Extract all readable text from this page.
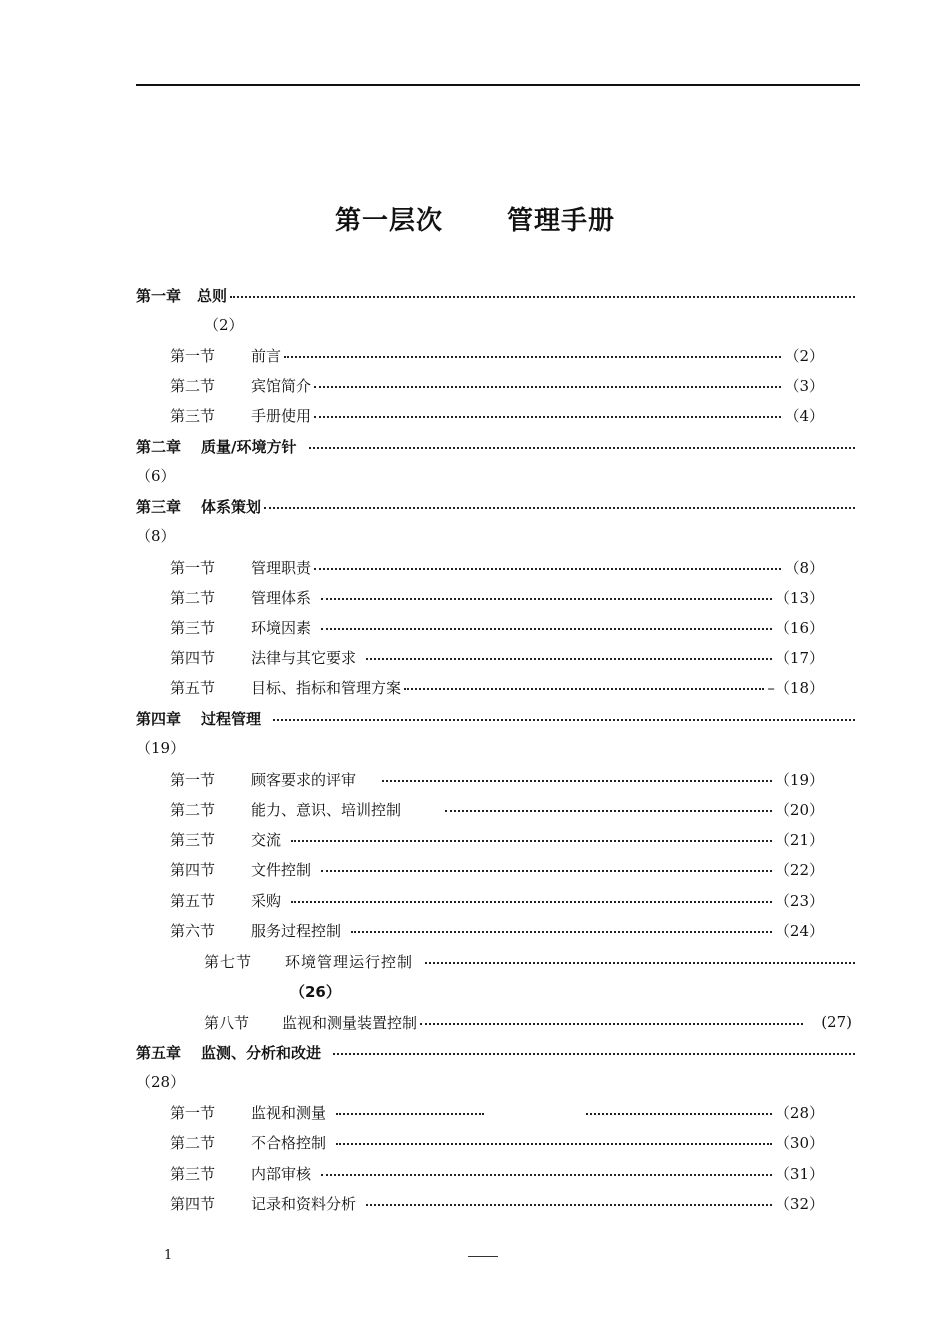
第一层次　　 管理手册
第一章 总则
（2）
第一节 前言	（2）
第二节 宾馆简介	（3）
第三节 手册使用	（4）
第二章 质量/环境方针
（6）
第三章 体系策划
（8）
第一节 管理职责	（8）
第二节 管理体系	（13）
第三节 环境因素	（16）
第四节 法律与其它要求	（17）
第五节 目标、指标和管理方案	–（18）
第四章 过程管理
（19）
第一节 顾客要求的评审	（19）
第二节 能力、意识、培训控制	（20）
第三节 交流	（21）
第四节 文件控制	（22）
第五节 采购	（23）
第六节 服务过程控制	（24）
第七节 环境管理运行控制
（26）
第八节 监视和测量装置控制	(27)
第五章 监测、分析和改进
（28）
第一节 监视和测量	（28）
第二节 不合格控制	（30）
第三节 内部审核	（31）
第四节 记录和资料分析	（32）
1
